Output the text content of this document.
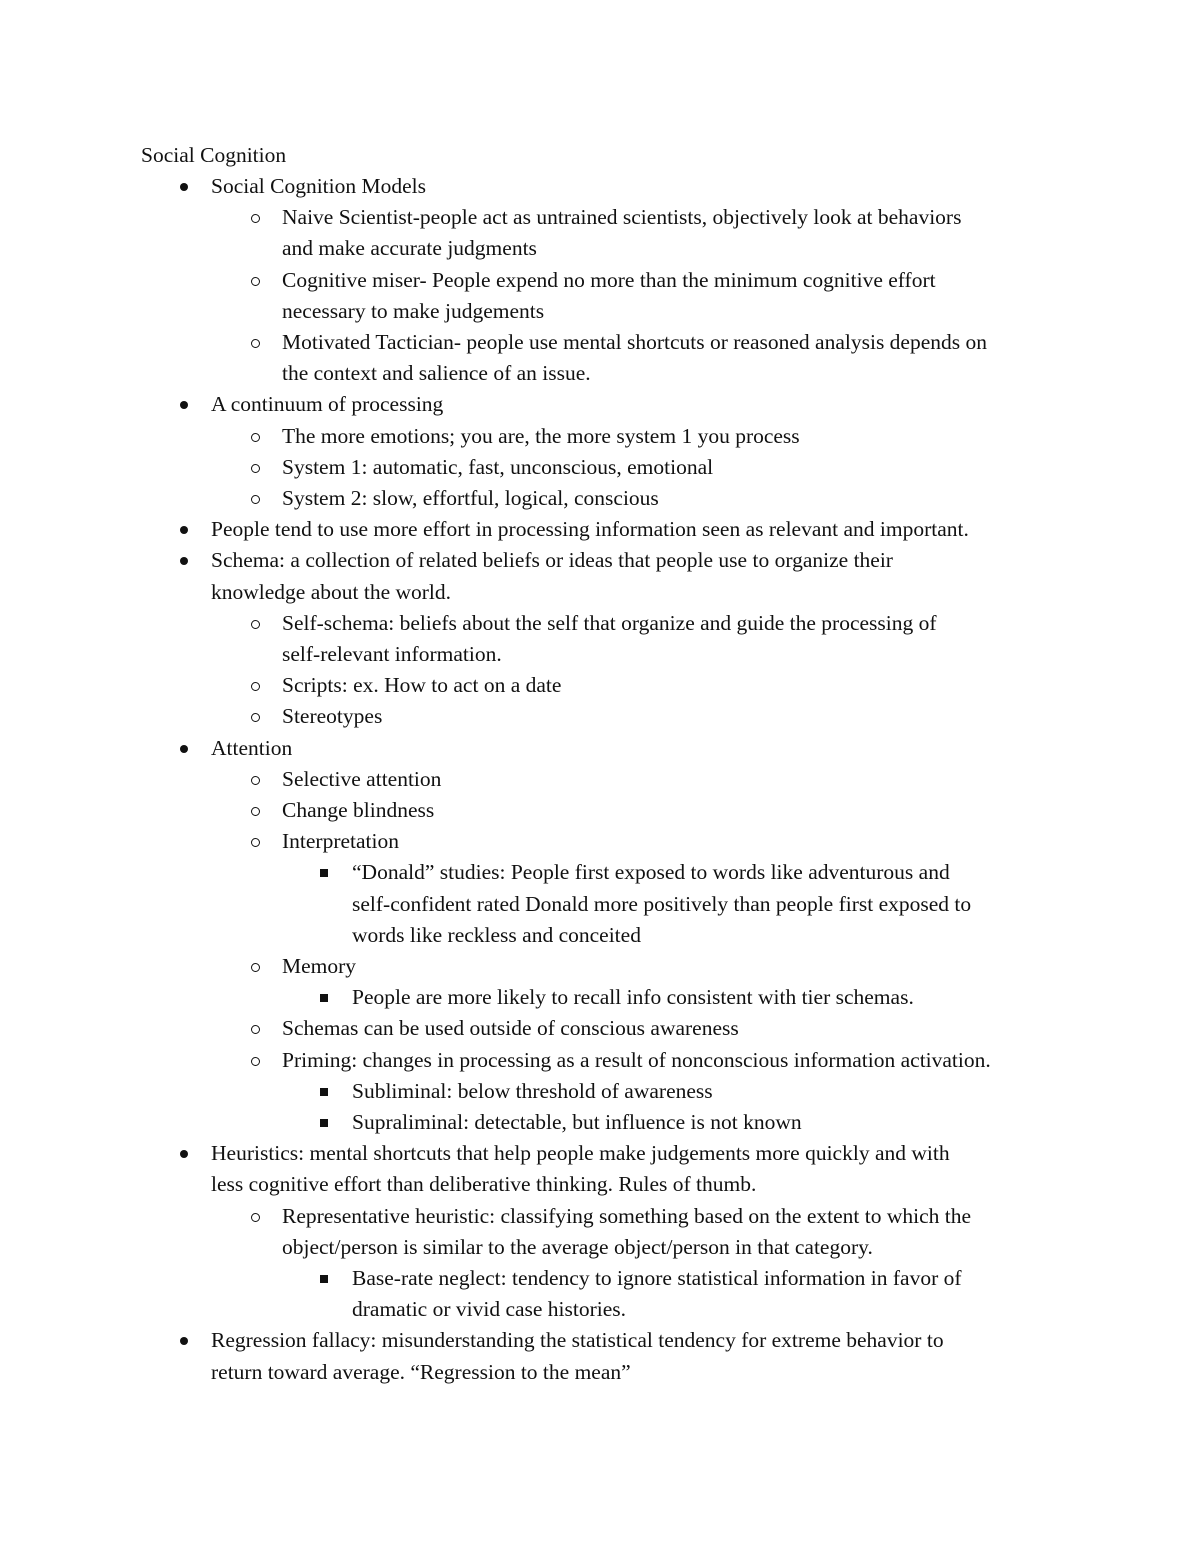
Social Cognition
Social Cognition Models
Naive Scientist-people act as untrained scientists, objectively look at behaviors
and make accurate judgments
Cognitive miser- People expend no more than the minimum cognitive effort
necessary to make judgements
Motivated Tactician- people use mental shortcuts or reasoned analysis depends on
the context and salience of an issue.
A continuum of processing
The more emotions; you are, the more system 1 you process
System 1: automatic, fast, unconscious, emotional
System 2: slow, effortful, logical, conscious
People tend to use more effort in processing information seen as relevant and important.
Schema: a collection of related beliefs or ideas that people use to organize their
knowledge about the world.
Self-schema: beliefs about the self that organize and guide the processing of
self-relevant information.
Scripts: ex. How to act on a date
Stereotypes
Attention
Selective attention
Change blindness
Interpretation
“Donald” studies: People first exposed to words like adventurous and
self-confident rated Donald more positively than people first exposed to
words like reckless and conceited
Memory
People are more likely to recall info consistent with tier schemas.
Schemas can be used outside of conscious awareness
Priming: changes in processing as a result of nonconscious information activation.
Subliminal: below threshold of awareness
Supraliminal: detectable, but influence is not known
Heuristics: mental shortcuts that help people make judgements more quickly and with
less cognitive effort than deliberative thinking. Rules of thumb.
Representative heuristic: classifying something based on the extent to which the
object/person is similar to the average object/person in that category.
Base-rate neglect: tendency to ignore statistical information in favor of
dramatic or vivid case histories.
Regression fallacy: misunderstanding the statistical tendency for extreme behavior to
return toward average. “Regression to the mean”
